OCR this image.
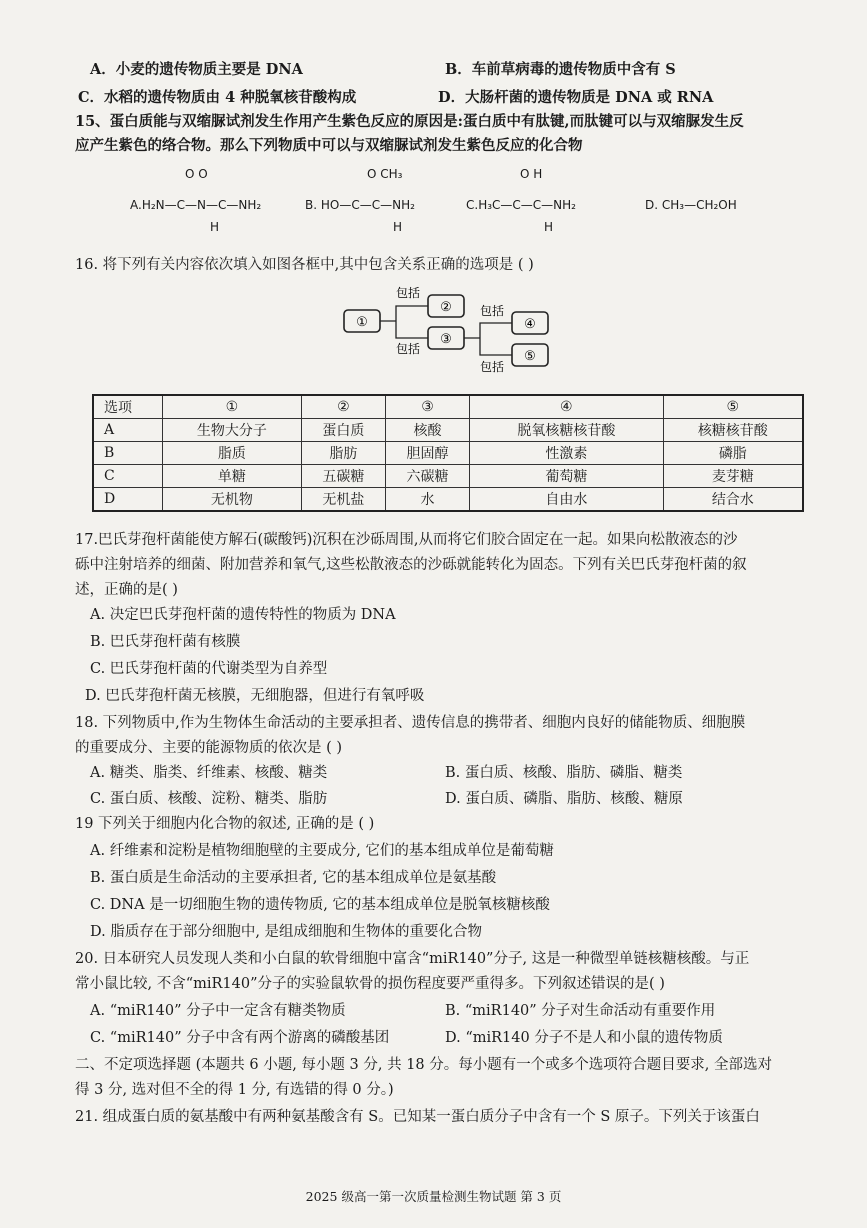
A．小麦的遗传物质主要是 DNA	B．车前草病毒的遗传物质中含有 S
C．水稻的遗传物质由 4 种脱氧核苷酸构成	D．大肠杆菌的遗传物质是 DNA 或 RNA
15、蛋白质能与双缩脲试剂发生作用产生紫色反应的原因是:蛋白质中有肽键,而肽键可以与双缩脲发生反
应产生紫色的络合物。那么下列物质中可以与双缩脲试剂发生紫色反应的化合物
O O
A.H₂N—C—N—C—NH₂
H
O CH₃
B. HO—C—C—NH₂
H
O H
C.H₃C—C—C—NH₂
H
D. CH₃—CH₂OH
16. 将下列有关内容依次填入如图各框中,其中包含关系正确的选项是 ( )
①
②
③
④
⑤
包括
包括
包括
包括
选项	①	②	③	④	⑤
A	生物大分子	蛋白质	核酸	脱氧核糖核苷酸	核糖核苷酸
B	脂质	脂肪	胆固醇	性激素	磷脂
C	单糖	五碳糖	六碳糖	葡萄糖	麦芽糖
D	无机物	无机盐	水	自由水	结合水
17.巴氏芽孢杆菌能使方解石(碳酸钙)沉积在沙砾周围,从而将它们胶合固定在一起。如果向松散液态的沙
砾中注射培养的细菌、附加营养和氧气,这些松散液态的沙砾就能转化为固态。下列有关巴氏芽孢杆菌的叙
述，正确的是( )
A. 决定巴氏芽孢杆菌的遗传特性的物质为 DNA
B. 巴氏芽孢杆菌有核膜
C. 巴氏芽孢杆菌的代谢类型为自养型
D. 巴氏芽孢杆菌无核膜，无细胞器，但进行有氧呼吸
18. 下列物质中,作为生物体生命活动的主要承担者、遗传信息的携带者、细胞内良好的储能物质、细胞膜
的重要成分、主要的能源物质的依次是 ( )
A. 糖类、脂类、纤维素、核酸、糖类	B. 蛋白质、核酸、脂肪、磷脂、糖类
C. 蛋白质、核酸、淀粉、糖类、脂肪	D. 蛋白质、磷脂、脂肪、核酸、糖原
19 下列关于细胞内化合物的叙述, 正确的是 ( )
A. 纤维素和淀粉是植物细胞壁的主要成分, 它们的基本组成单位是葡萄糖
B. 蛋白质是生命活动的主要承担者, 它的基本组成单位是氨基酸
C. DNA 是一切细胞生物的遗传物质, 它的基本组成单位是脱氧核糖核酸
D. 脂质存在于部分细胞中, 是组成细胞和生物体的重要化合物
20. 日本研究人员发现人类和小白鼠的软骨细胞中富含“miR140”分子, 这是一种微型单链核糖核酸。与正
常小鼠比较, 不含“miR140”分子的实验鼠软骨的损伤程度要严重得多。下列叙述错误的是( )
A. “miR140” 分子中一定含有糖类物质	B. “miR140” 分子对生命活动有重要作用
C. “miR140” 分子中含有两个游离的磷酸基团	D. “miR140 分子不是人和小鼠的遗传物质
二、不定项选择题 (本题共 6 小题, 每小题 3 分, 共 18 分。每小题有一个或多个选项符合题目要求, 全部选对
得 3 分, 选对但不全的得 1 分, 有选错的得 0 分。)
21. 组成蛋白质的氨基酸中有两种氨基酸含有 S。已知某一蛋白质分子中含有一个 S 原子。下列关于该蛋白
2025 级高一第一次质量检测生物试题 第 3 页
